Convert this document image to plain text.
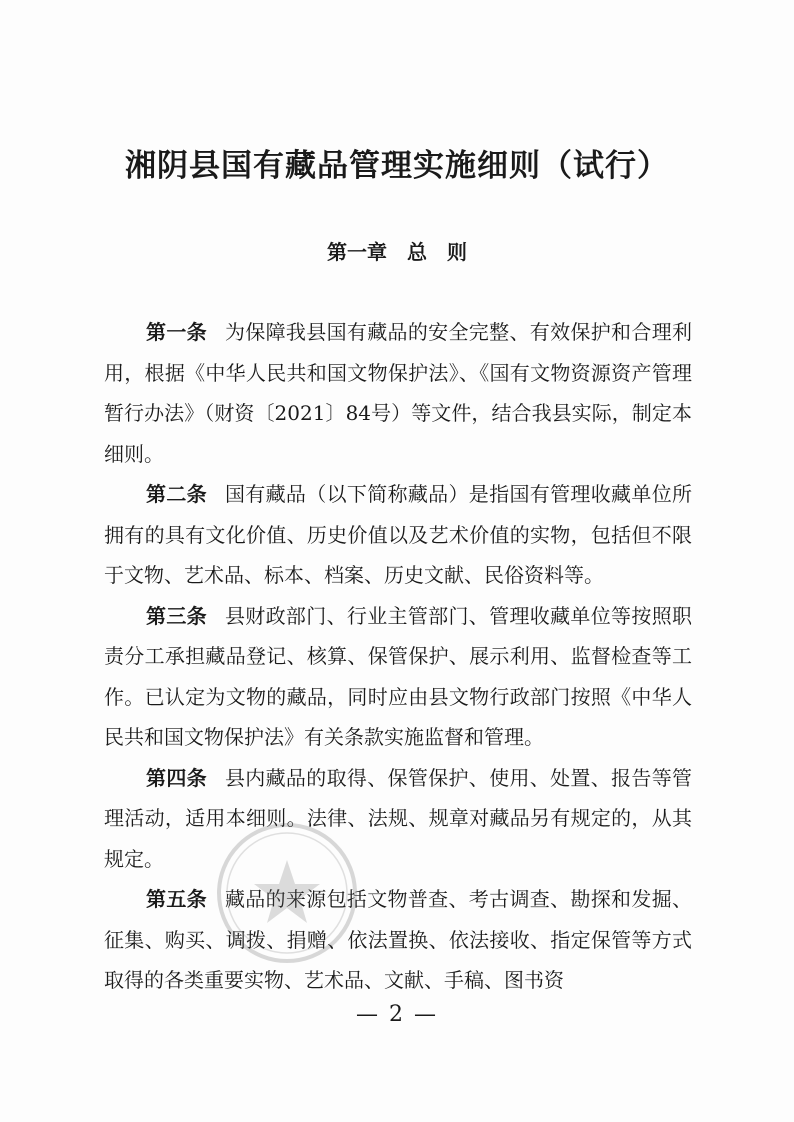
湘阴县国有藏品管理实施细则（试行）
第一章　总　则

第一条 为保障我县国有藏品的安全完整、有效保护和合理利用，根据《中华人民共和国文物保护法》、《国有文物资源资产管理暂行办法》（财资〔2021〕84号）等文件，结合我县实际，制定本细则。

第二条 国有藏品（以下简称藏品）是指国有管理收藏单位所拥有的具有文化价值、历史价值以及艺术价值的实物，包括但不限于文物、艺术品、标本、档案、历史文献、民俗资料等。

第三条 县财政部门、行业主管部门、管理收藏单位等按照职责分工承担藏品登记、核算、保管保护、展示利用、监督检查等工作。已认定为文物的藏品，同时应由县文物行政部门按照《中华人民共和国文物保护法》有关条款实施监督和管理。

第四条 县内藏品的取得、保管保护、使用、处置、报告等管理活动，适用本细则。法律、法规、规章对藏品另有规定的，从其规定。

第五条 藏品的来源包括文物普查、考古调查、勘探和发掘、征集、购买、调拨、捐赠、依法置换、依法接收、指定保管等方式取得的各类重要实物、艺术品、文献、手稿、图书资

— 2 —
